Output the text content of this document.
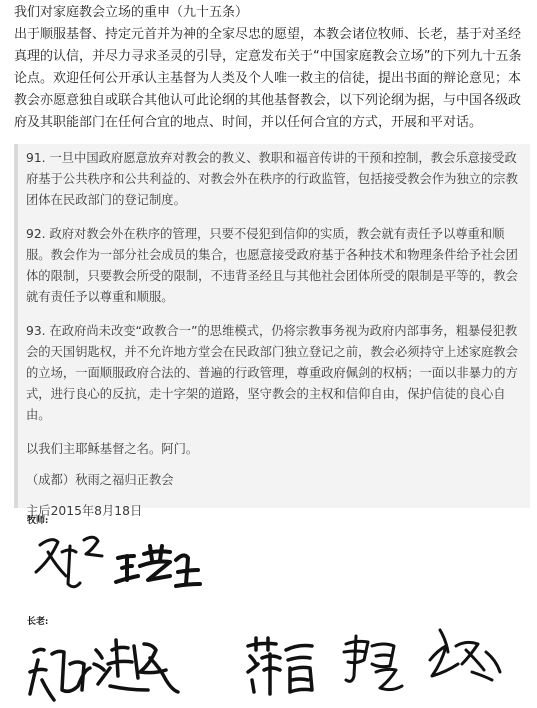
我们对家庭教会立场的重申（九十五条）
出于顺服基督、持定元首并为神的全家尽忠的愿望，本教会诸位牧师、长老，基于对圣经真理的认信，并尽力寻求圣灵的引导，定意发布关于“中国家庭教会立场”的下列九十五条论点。欢迎任何公开承认主基督为人类及个人唯一救主的信徒，提出书面的辩论意见；本教会亦愿意独自或联合其他认可此论纲的其他基督教会，以下列论纲为据，与中国各级政府及其职能部门在任何合宜的地点、时间，并以任何合宜的方式，开展和平对话。

91. 一旦中国政府愿意放弃对教会的教义、教职和福音传讲的干预和控制，教会乐意接受政府基于公共秩序和公共利益的、对教会外在秩序的行政监管，包括接受教会作为独立的宗教团体在民政部门的登记制度。

92. 政府对教会外在秩序的管理，只要不侵犯到信仰的实质，教会就有责任予以尊重和顺服。教会作为一部分社会成员的集合，也愿意接受政府基于各种技术和物理条件给予社会团体的限制，只要教会所受的限制，不违背圣经且与其他社会团体所受的限制是平等的，教会就有责任予以尊重和顺服。

93. 在政府尚未改变“政教合一”的思维模式，仍将宗教事务视为政府内部事务，粗暴侵犯教会的天国钥匙权，并不允许地方堂会在民政部门独立登记之前，教会必须持守上述家庭教会的立场，一面顺服政府合法的、普遍的行政管理，尊重政府佩剑的权柄；一面以非暴力的方式，进行良心的反抗，走十字架的道路，坚守教会的主权和信仰自由，保护信徒的良心自由。

以我们主耶稣基督之名。阿门。

（成都）秋雨之福归正教会

主后2015年8月18日

牧师:
长老:
